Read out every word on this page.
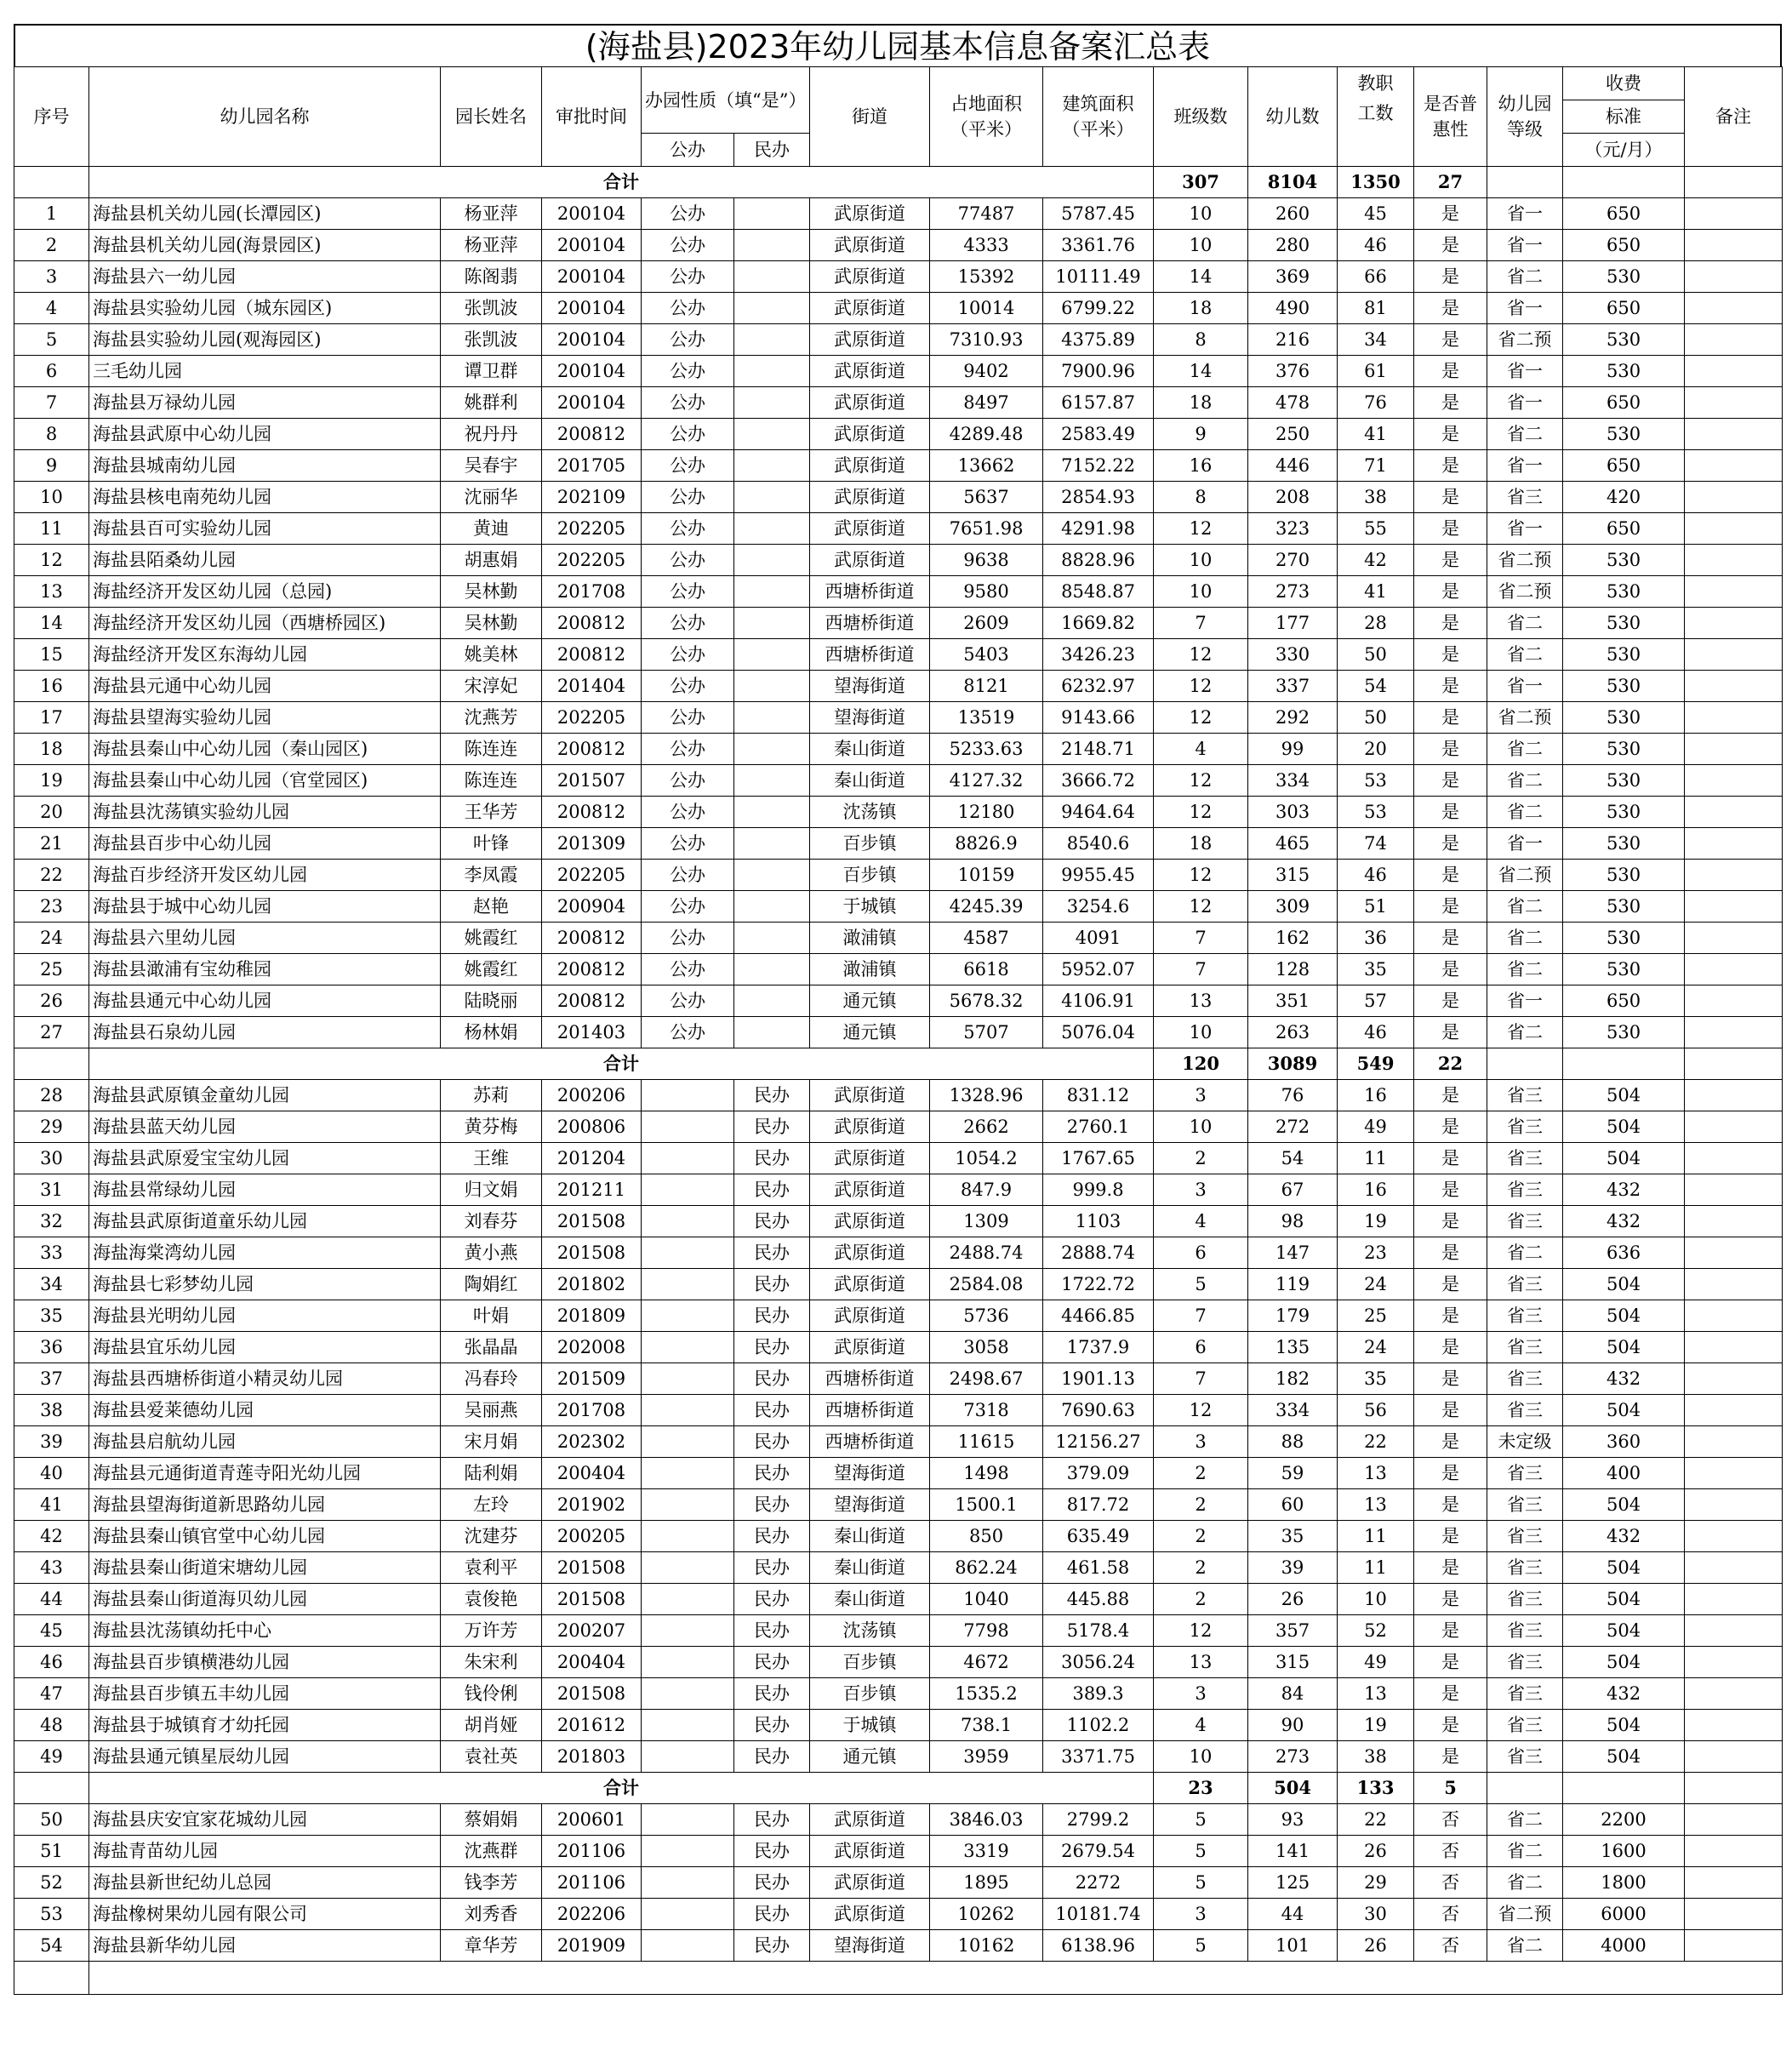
(海盐县)2023年幼儿园基本信息备案汇总表
序号	幼儿园名称	园长姓名	审批时间	办园性质（填“是”）		街道	占地面积（平米）	建筑面积（平米）	班级数	幼儿数	教职	是否普惠性	幼儿园等级	收费	备注
											工数			标准	
				公办	民办									（元/月）	
	合计								307	8104	1350	27			
1	海盐县机关幼儿园(长潭园区)	杨亚萍	200104	公办		武原街道	77487	5787.45	10	260	45	是	省一	650	
2	海盐县机关幼儿园(海景园区)	杨亚萍	200104	公办		武原街道	4333	3361.76	10	280	46	是	省一	650	
3	海盐县六一幼儿园	陈阁翡	200104	公办		武原街道	15392	10111.49	14	369	66	是	省二	530	
4	海盐县实验幼儿园（城东园区)	张凯波	200104	公办		武原街道	10014	6799.22	18	490	81	是	省一	650	
5	海盐县实验幼儿园(观海园区)	张凯波	200104	公办		武原街道	7310.93	4375.89	8	216	34	是	省二预	530	
6	三毛幼儿园	谭卫群	200104	公办		武原街道	9402	7900.96	14	376	61	是	省一	530	
7	海盐县万禄幼儿园	姚群利	200104	公办		武原街道	8497	6157.87	18	478	76	是	省一	650	
8	海盐县武原中心幼儿园	祝丹丹	200812	公办		武原街道	4289.48	2583.49	9	250	41	是	省二	530	
9	海盐县城南幼儿园	吴春宇	201705	公办		武原街道	13662	7152.22	16	446	71	是	省一	650	
10	海盐县核电南苑幼儿园	沈丽华	202109	公办		武原街道	5637	2854.93	8	208	38	是	省三	420	
11	海盐县百可实验幼儿园	黄迪	202205	公办		武原街道	7651.98	4291.98	12	323	55	是	省一	650	
12	海盐县陌桑幼儿园	胡惠娟	202205	公办		武原街道	9638	8828.96	10	270	42	是	省二预	530	
13	海盐经济开发区幼儿园（总园)	吴林勤	201708	公办		西塘桥街道	9580	8548.87	10	273	41	是	省二预	530	
14	海盐经济开发区幼儿园（西塘桥园区)	吴林勤	200812	公办		西塘桥街道	2609	1669.82	7	177	28	是	省二	530	
15	海盐经济开发区东海幼儿园	姚美林	200812	公办		西塘桥街道	5403	3426.23	12	330	50	是	省二	530	
16	海盐县元通中心幼儿园	宋淳妃	201404	公办		望海街道	8121	6232.97	12	337	54	是	省一	530	
17	海盐县望海实验幼儿园	沈燕芳	202205	公办		望海街道	13519	9143.66	12	292	50	是	省二预	530	
18	海盐县秦山中心幼儿园（秦山园区)	陈连连	200812	公办		秦山街道	5233.63	2148.71	4	99	20	是	省二	530	
19	海盐县秦山中心幼儿园（官堂园区)	陈连连	201507	公办		秦山街道	4127.32	3666.72	12	334	53	是	省二	530	
20	海盐县沈荡镇实验幼儿园	王华芳	200812	公办		沈荡镇	12180	9464.64	12	303	53	是	省二	530	
21	海盐县百步中心幼儿园	叶锋	201309	公办		百步镇	8826.9	8540.6	18	465	74	是	省一	530	
22	海盐百步经济开发区幼儿园	李凤霞	202205	公办		百步镇	10159	9955.45	12	315	46	是	省二预	530	
23	海盐县于城中心幼儿园	赵艳	200904	公办		于城镇	4245.39	3254.6	12	309	51	是	省二	530	
24	海盐县六里幼儿园	姚霞红	200812	公办		澉浦镇	4587	4091	7	162	36	是	省二	530	
25	海盐县澉浦有宝幼稚园	姚霞红	200812	公办		澉浦镇	6618	5952.07	7	128	35	是	省二	530	
26	海盐县通元中心幼儿园	陆晓丽	200812	公办		通元镇	5678.32	4106.91	13	351	57	是	省一	650	
27	海盐县石泉幼儿园	杨林娟	201403	公办		通元镇	5707	5076.04	10	263	46	是	省二	530	
	合计								120	3089	549	22			
28	海盐县武原镇金童幼儿园	苏莉	200206		民办	武原街道	1328.96	831.12	3	76	16	是	省三	504	
29	海盐县蓝天幼儿园	黄芬梅	200806		民办	武原街道	2662	2760.1	10	272	49	是	省三	504	
30	海盐县武原爱宝宝幼儿园	王维	201204		民办	武原街道	1054.2	1767.65	2	54	11	是	省三	504	
31	海盐县常绿幼儿园	归文娟	201211		民办	武原街道	847.9	999.8	3	67	16	是	省三	432	
32	海盐县武原街道童乐幼儿园	刘春芬	201508		民办	武原街道	1309	1103	4	98	19	是	省三	432	
33	海盐海棠湾幼儿园	黄小燕	201508		民办	武原街道	2488.74	2888.74	6	147	23	是	省二	636	
34	海盐县七彩梦幼儿园	陶娟红	201802		民办	武原街道	2584.08	1722.72	5	119	24	是	省三	504	
35	海盐县光明幼儿园	叶娟	201809		民办	武原街道	5736	4466.85	7	179	25	是	省三	504	
36	海盐县宜乐幼儿园	张晶晶	202008		民办	武原街道	3058	1737.9	6	135	24	是	省三	504	
37	海盐县西塘桥街道小精灵幼儿园	冯春玲	201509		民办	西塘桥街道	2498.67	1901.13	7	182	35	是	省三	432	
38	海盐县爱莱德幼儿园	吴丽燕	201708		民办	西塘桥街道	7318	7690.63	12	334	56	是	省三	504	
39	海盐县启航幼儿园	宋月娟	202302		民办	西塘桥街道	11615	12156.27	3	88	22	是	未定级	360	
40	海盐县元通街道青莲寺阳光幼儿园	陆利娟	200404		民办	望海街道	1498	379.09	2	59	13	是	省三	400	
41	海盐县望海街道新思路幼儿园	左玲	201902		民办	望海街道	1500.1	817.72	2	60	13	是	省三	504	
42	海盐县秦山镇官堂中心幼儿园	沈建芬	200205		民办	秦山街道	850	635.49	2	35	11	是	省三	432	
43	海盐县秦山街道宋塘幼儿园	袁利平	201508		民办	秦山街道	862.24	461.58	2	39	11	是	省三	504	
44	海盐县秦山街道海贝幼儿园	袁俊艳	201508		民办	秦山街道	1040	445.88	2	26	10	是	省三	504	
45	海盐县沈荡镇幼托中心	万许芳	200207		民办	沈荡镇	7798	5178.4	12	357	52	是	省三	504	
46	海盐县百步镇横港幼儿园	朱宋利	200404		民办	百步镇	4672	3056.24	13	315	49	是	省三	504	
47	海盐县百步镇五丰幼儿园	钱伶俐	201508		民办	百步镇	1535.2	389.3	3	84	13	是	省三	432	
48	海盐县于城镇育才幼托园	胡肖娅	201612		民办	于城镇	738.1	1102.2	4	90	19	是	省三	504	
49	海盐县通元镇星辰幼儿园	袁社英	201803		民办	通元镇	3959	3371.75	10	273	38	是	省三	504	
	合计								23	504	133	5			
50	海盐县庆安宜家花城幼儿园	蔡娟娟	200601		民办	武原街道	3846.03	2799.2	5	93	22	否	省二	2200	
51	海盐青苗幼儿园	沈燕群	201106		民办	武原街道	3319	2679.54	5	141	26	否	省二	1600	
52	海盐县新世纪幼儿总园	钱李芳	201106		民办	武原街道	1895	2272	5	125	29	否	省二	1800	
53	海盐橡树果幼儿园有限公司	刘秀香	202206		民办	武原街道	10262	10181.74	3	44	30	否	省二预	6000	
54	海盐县新华幼儿园	章华芳	201909		民办	望海街道	10162	6138.96	5	101	26	否	省二	4000	
